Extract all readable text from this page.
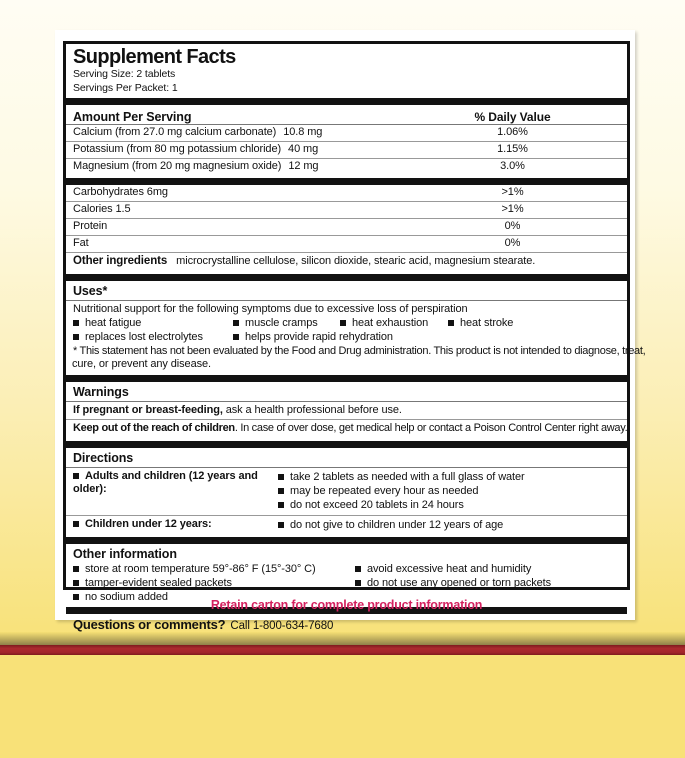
Supplement Facts
Serving Size: 2 tablets
Servings Per Packet: 1
Amount Per Serving	% Daily Value
Calcium (from 27.0 mg calcium carbonate) 10.8 mg	1.06%
Potassium (from 80 mg potassium chloride) 40 mg	1.15%
Magnesium (from 20 mg magnesium oxide) 12 mg	3.0%
Carbohydrates 6mg	>1%
Calories 1.5	>1%
Protein	0%
Fat	0%
Other ingredients microcrystalline cellulose, silicon dioxide, stearic acid, magnesium stearate.
Uses*
Nutritional support for the following symptoms due to excessive loss of perspiration
heat fatigue	muscle cramps	heat exhaustion	heat stroke
replaces lost electrolytes	helps provide rapid rehydration
* This statement has not been evaluated by the Food and Drug administration. This product is not intended to diagnose, treat,
cure, or prevent any disease.
Warnings
If pregnant or breast-feeding, ask a health professional before use.
Keep out of the reach of children. In case of over dose, get medical help or contact a Poison Control Center right away.
Directions
Adults and children (12 years and older):
take 2 tablets as needed with a full glass of water
may be repeated every hour as needed
do not exceed 20 tablets in 24 hours
Children under 12 years:	do not give to children under 12 years of age
Other information
store at room temperature 59°-86° F (15°-30° C)
tamper-evident sealed packets
no sodium added
avoid excessive heat and humidity
do not use any opened or torn packets
Questions or comments? Call 1-800-634-7680
Retain carton for complete product information
